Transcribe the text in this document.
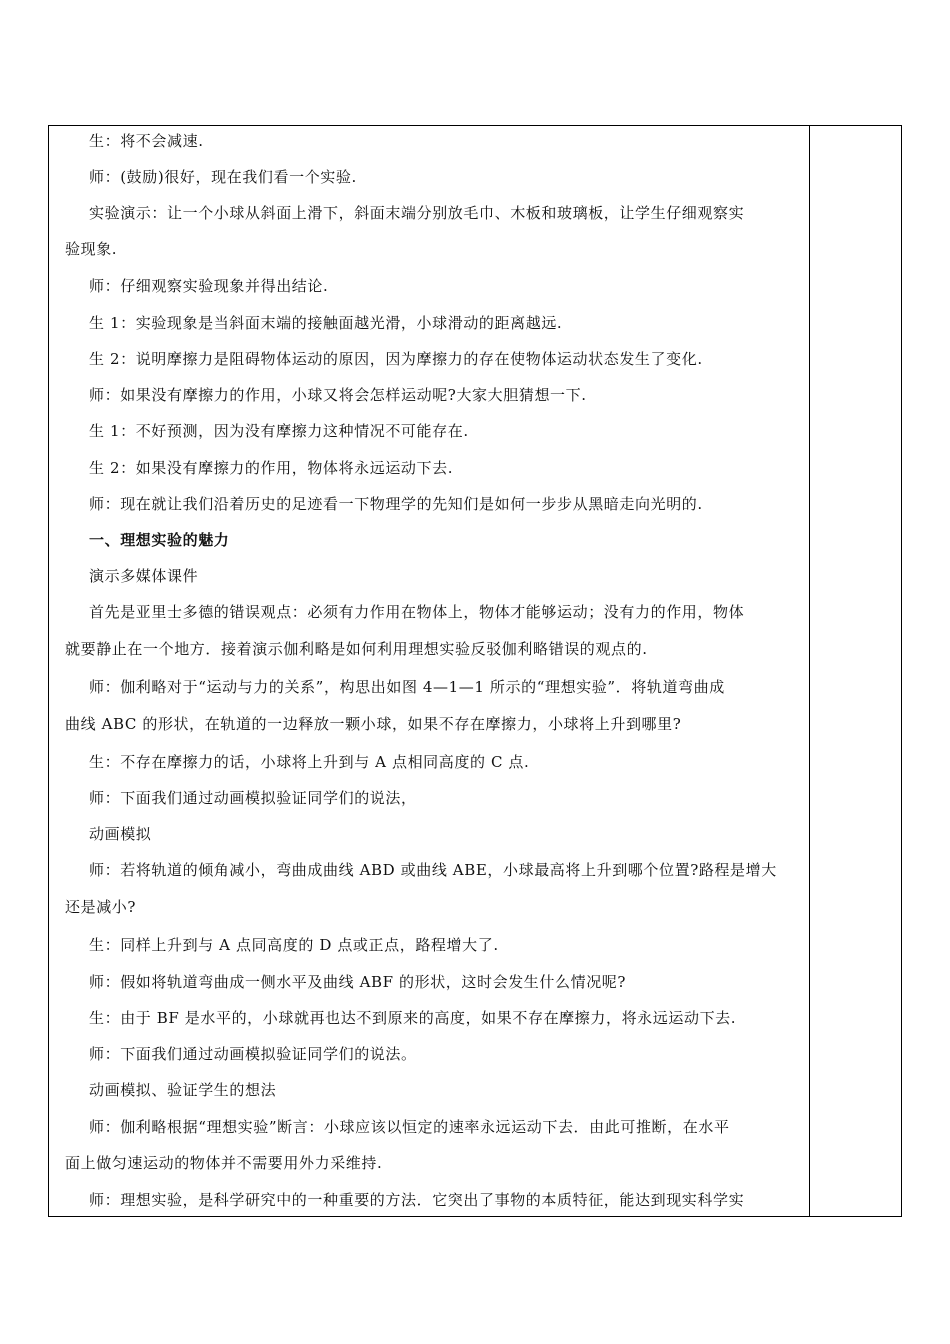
生：将不会减速.
师：(鼓励)很好，现在我们看一个实验.
实验演示：让一个小球从斜面上滑下，斜面末端分别放毛巾、木板和玻璃板，让学生仔细观察实
验现象.
师：仔细观察实验现象并得出结论.
生 1：实验现象是当斜面末端的接触面越光滑，小球滑动的距离越远.
生 2：说明摩擦力是阻碍物体运动的原因，因为摩擦力的存在使物体运动状态发生了变化.
师：如果没有摩擦力的作用，小球又将会怎样运动呢?大家大胆猜想一下.
生 1：不好预测，因为没有摩擦力这种情况不可能存在.
生 2：如果没有摩擦力的作用，物体将永远运动下去.
师：现在就让我们沿着历史的足迹看一下物理学的先知们是如何一步步从黑暗走向光明的.
一、理想实验的魅力
演示多媒体课件
首先是亚里士多德的错误观点：必须有力作用在物体上，物体才能够运动；没有力的作用，物体
就要静止在一个地方．接着演示伽利略是如何利用理想实验反驳伽利略错误的观点的.
师：伽利略对于“运动与力的关系”，构思出如图 4—1—1 所示的“理想实验”．将轨道弯曲成
曲线 ABC 的形状，在轨道的一边释放一颗小球，如果不存在摩擦力，小球将上升到哪里?
生：不存在摩擦力的话，小球将上升到与 A 点相同高度的 C 点.
师：下面我们通过动画模拟验证同学们的说法，
动画模拟
师：若将轨道的倾角减小，弯曲成曲线 ABD 或曲线 ABE，小球最高将上升到哪个位置?路程是增大
还是减小?
生：同样上升到与 A 点同高度的 D 点或正点，路程增大了.
师：假如将轨道弯曲成一侧水平及曲线 ABF 的形状，这时会发生什么情况呢?
生：由于 BF 是水平的，小球就再也达不到原来的高度，如果不存在摩擦力，将永远运动下去.
师：下面我们通过动画模拟验证同学们的说法。
动画模拟、验证学生的想法
师：伽利略根据“理想实验”断言：小球应该以恒定的速率永远运动下去．由此可推断，在水平
面上做匀速运动的物体并不需要用外力采维持.
师：理想实验，是科学研究中的一种重要的方法．它突出了事物的本质特征，能达到现实科学实
